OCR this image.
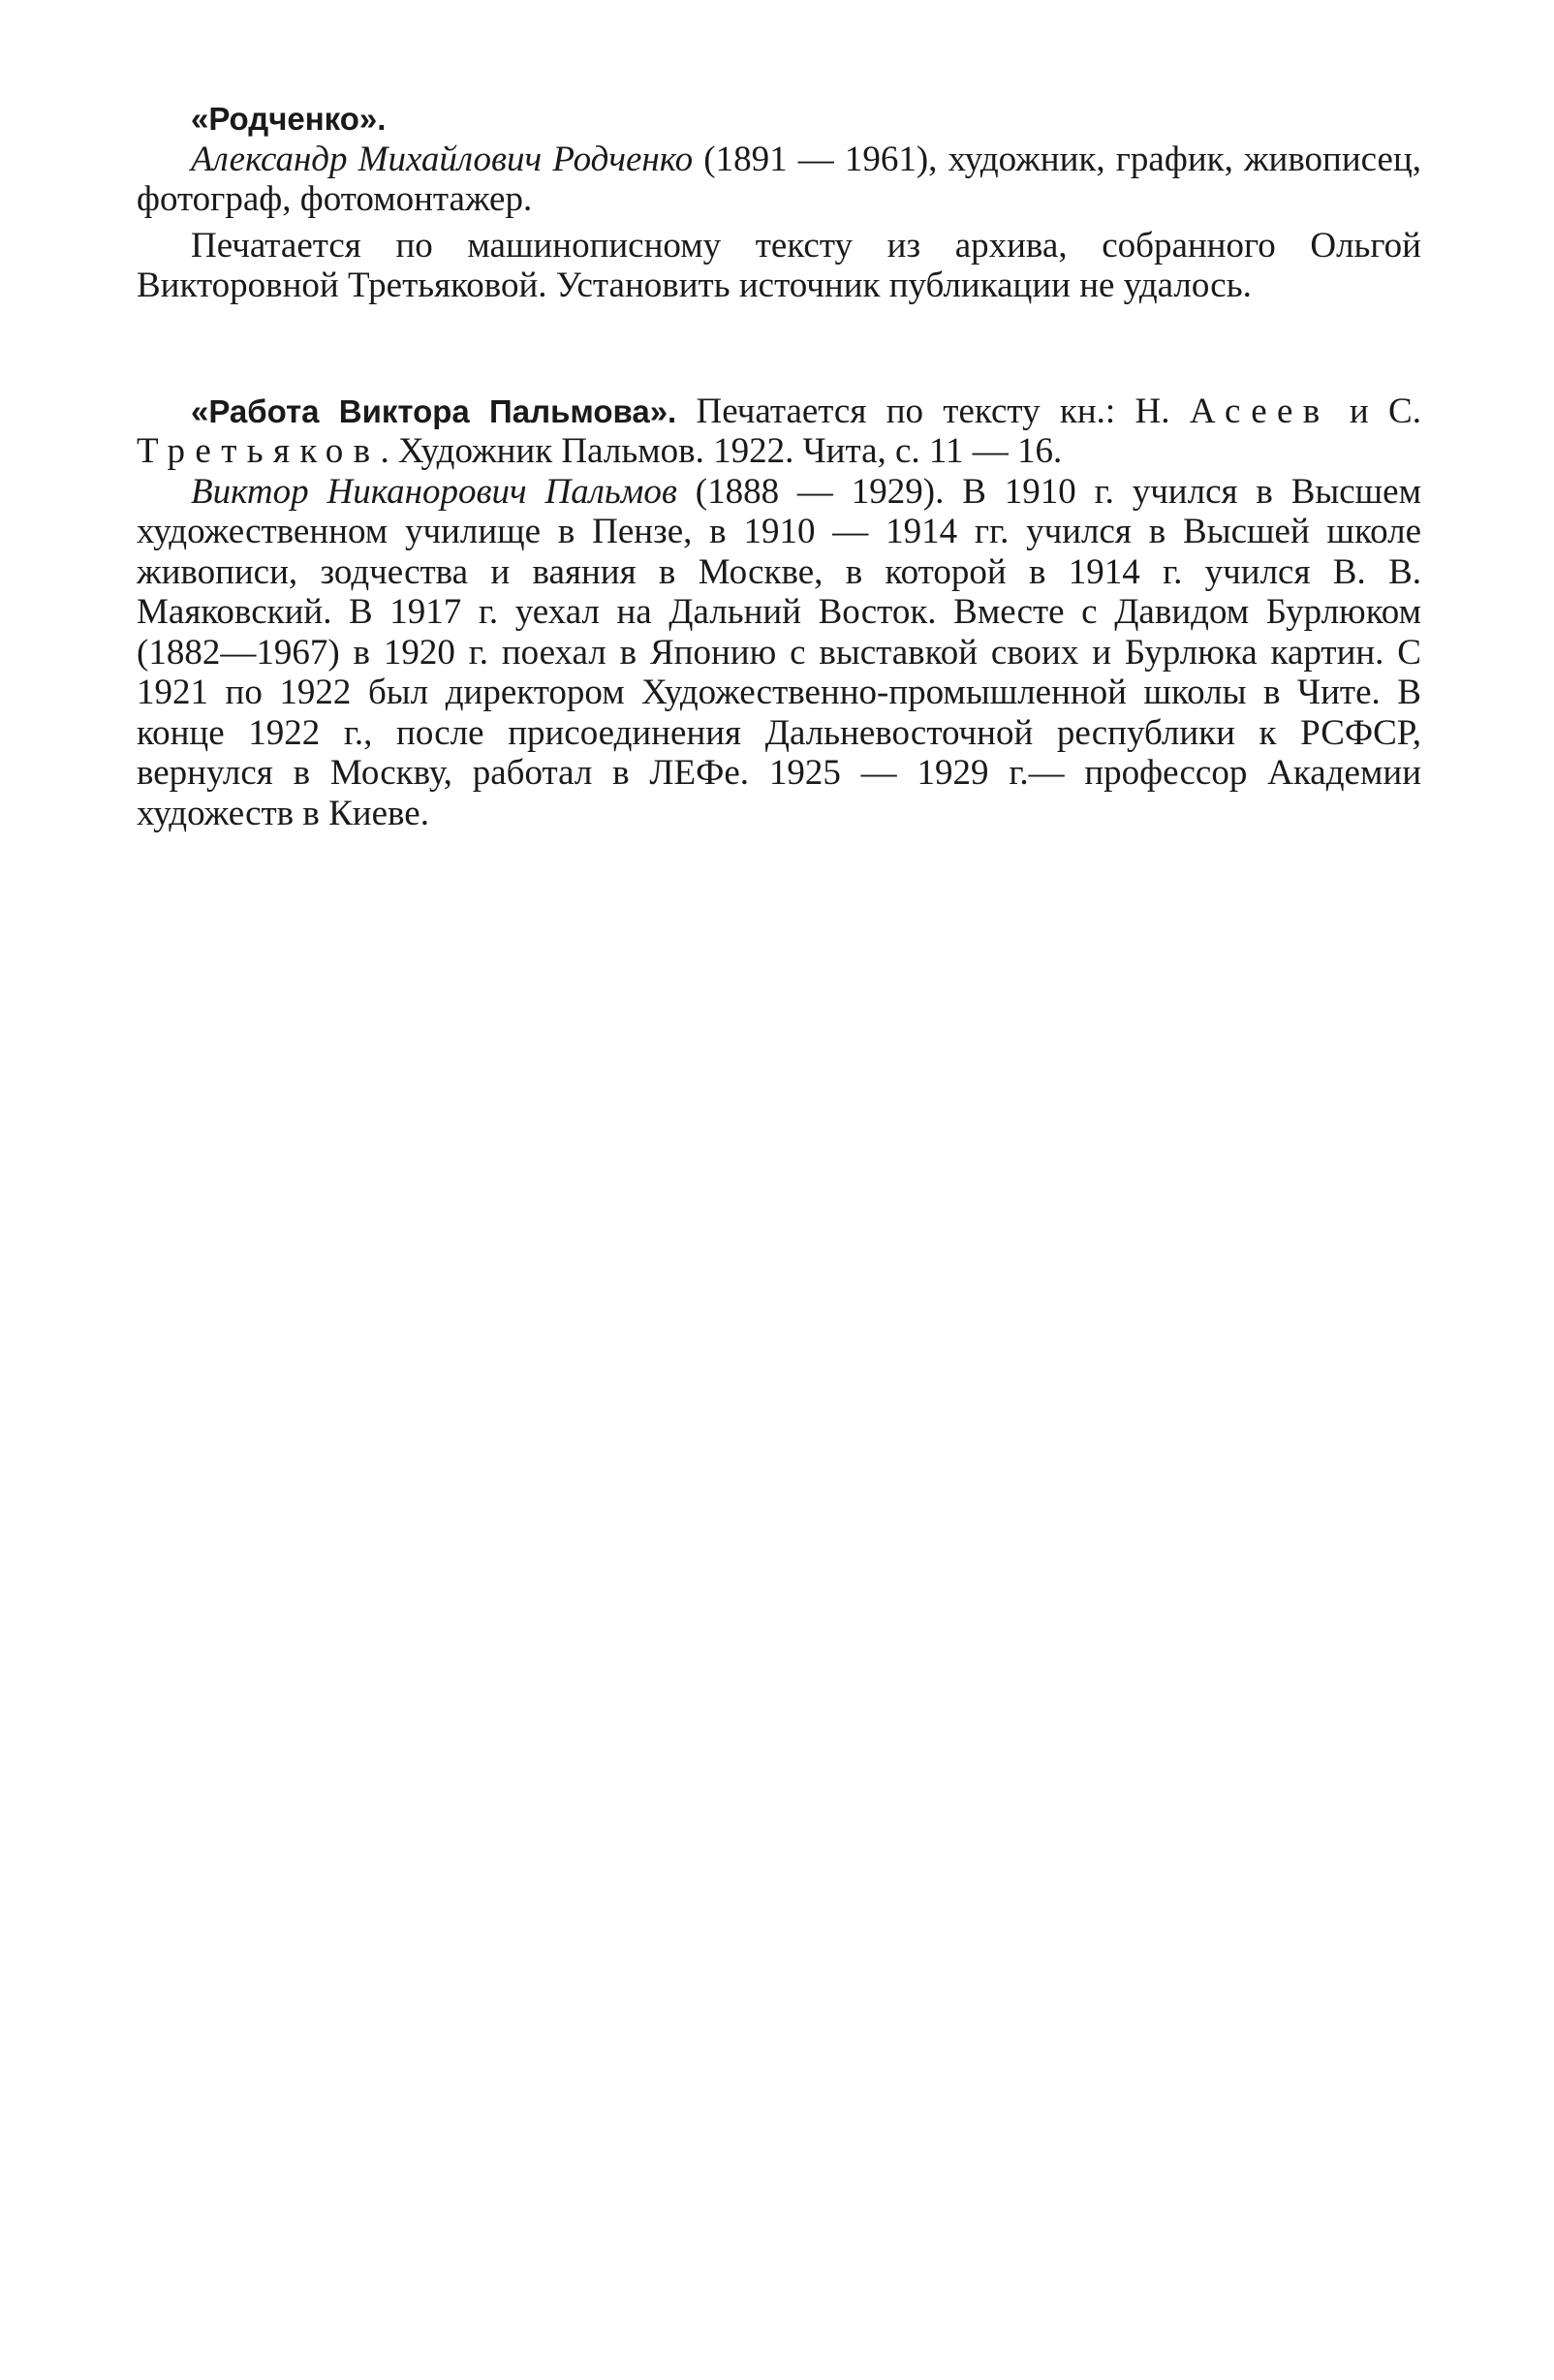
«Родченко».

Александр Михайлович Родченко (1891 — 1961), художник, график, живописец, фотограф, фотомонтажер.

Печатается по машинописному тексту из архива, собранного Ольгой Викторовной Третьяковой. Установить источник публикации не удалось.

«Работа Виктора Пальмова». Печатается по тексту кн.: Н. Асеев и С. Третьяков. Художник Пальмов. 1922. Чита, с. 11 — 16.

Виктор Никанорович Пальмов (1888 — 1929). В 1910 г. учился в Высшем художественном училище в Пензе, в 1910 — 1914 гг. учился в Высшей школе живописи, зодчества и ваяния в Москве, в которой в 1914 г. учился В. В. Маяковский. В 1917 г. уехал на Дальний Восток. Вместе с Давидом Бурлюком (1882—1967) в 1920 г. поехал в Японию с выставкой своих и Бурлюка картин. С 1921 по 1922 был директором Художественно-промышленной школы в Чите. В конце 1922 г., после присоединения Дальневосточной республики к РСФСР, вернулся в Москву, работал в ЛЕФе. 1925 — 1929 г.— профессор Академии художеств в Киеве.
